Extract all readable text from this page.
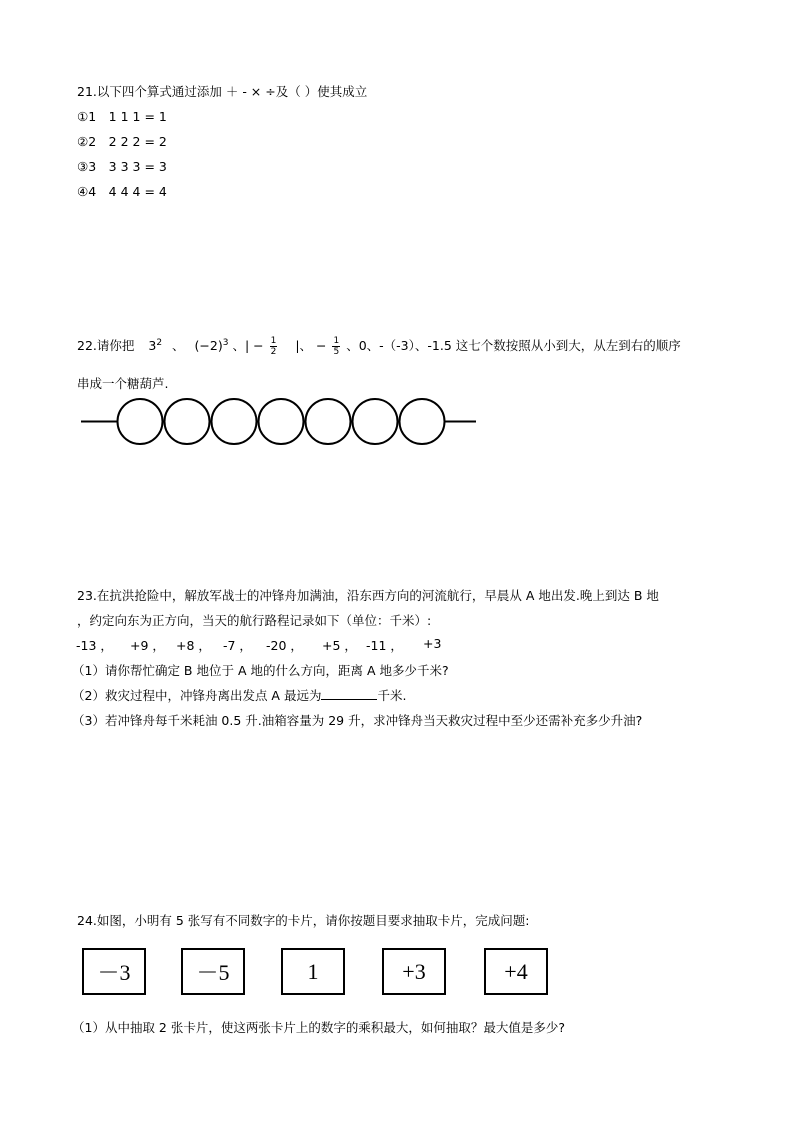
21.以下四个算式通过添加 ＋ - × ÷及（ ）使其成立
①1　1 1 1 = 1
②2　2 2 2 = 2
③3　3 3 3 = 3
④4　4 4 4 = 4
22.请你把 $3^2$ 、 $(-2)^3$ 、| − $\frac{1}{2}$ |、 − $\frac{1}{5}$ 、0、-（-3）、-1.5 这七个数按照从小到大，从左到右的顺序
串成一个糖葫芦.
23.在抗洪抢险中，解放军战士的冲锋舟加满油，沿东西方向的河流航行，早晨从 A 地出发.晚上到达 B 地
，约定向东为正方向，当天的航行路程记录如下（单位：千米）:
-13 ， +9 ， +8 ， -7 ， -20 ， +5 ， -11 ， +3
（1）请你帮忙确定 B 地位于 A 地的什么方向，距离 A 地多少千米?
（2）救灾过程中，冲锋舟离出发点 A 最远为	千米.
（3）若冲锋舟每千米耗油 0.5 升.油箱容量为 29 升，求冲锋舟当天救灾过程中至少还需补充多少升油?
24.如图，小明有 5 张写有不同数字的卡片，请你按题目要求抽取卡片，完成问题:
－3	－5	1	+3	+4
（1）从中抽取 2 张卡片，使这两张卡片上的数字的乘积最大，如何抽取？最大值是多少?
